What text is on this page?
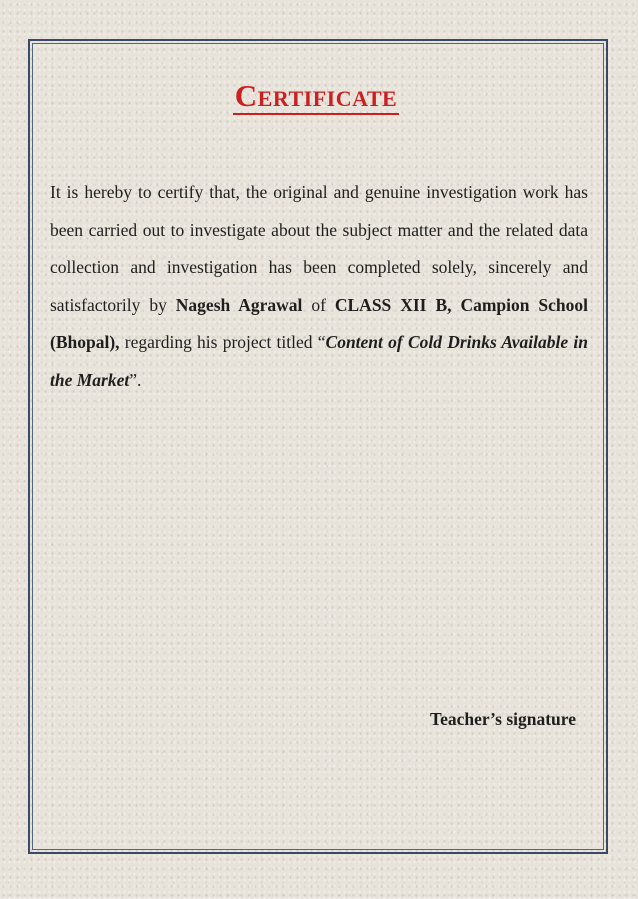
Certificate

It is hereby to certify that, the original and genuine investigation work has been carried out to investigate about the subject matter and the related data collection and investigation has been completed solely, sincerely and satisfactorily by Nagesh Agrawal of CLASS XII B, Campion School (Bhopal), regarding his project titled “Content of Cold Drinks Available in the Market”.

Teacher’s signature
